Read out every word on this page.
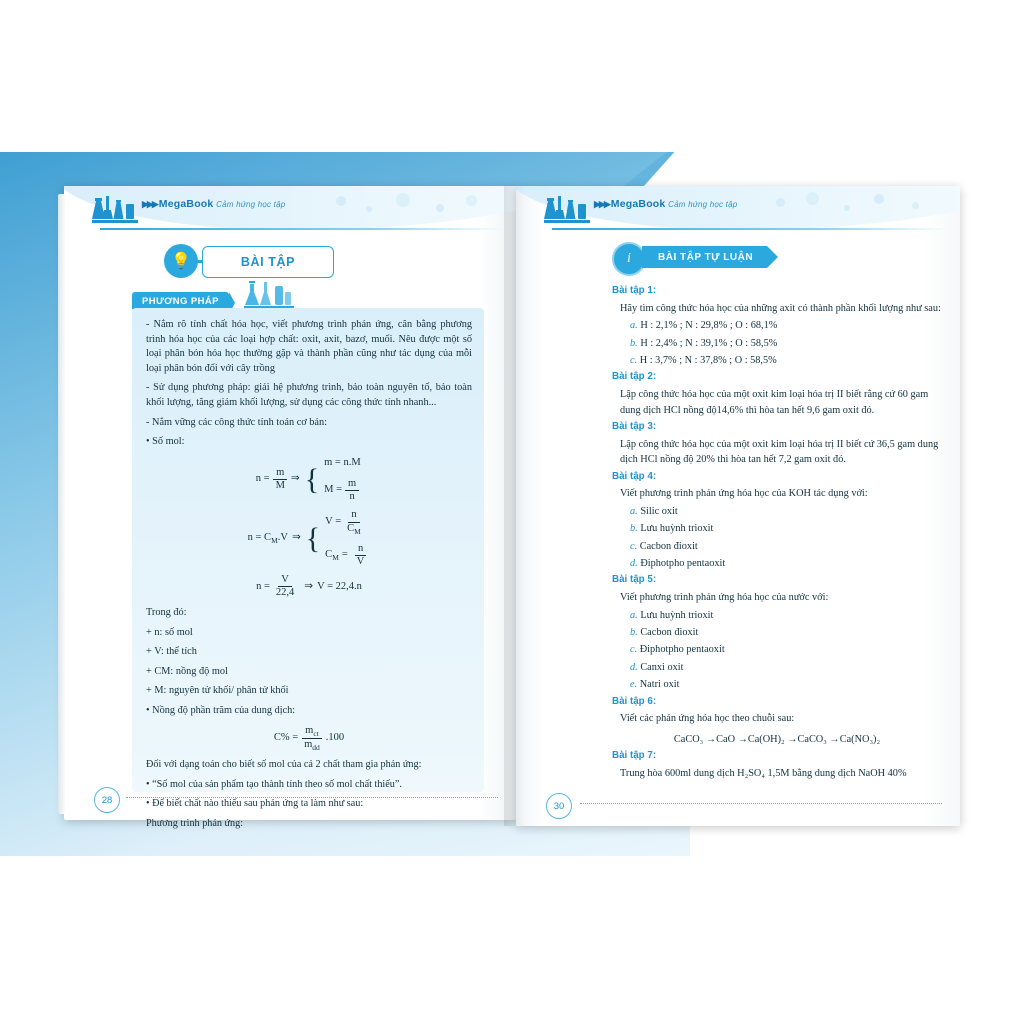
▶▶▶ MegaBook Cảm hứng học tập
💡	BÀI TẬP
PHƯƠNG PHÁP

- Nắm rõ tính chất hóa học, viết phương trình phản ứng, cân bằng phương trình hóa học của các loại hợp chất: oxit, axit, bazơ, muối. Nêu được một số loại phân bón hóa học thường gặp và thành phần cũng như tác dụng của mỗi loại phân bón đối với cây trồng

- Sử dụng phương pháp: giải hệ phương trình, bảo toàn nguyên tố, bảo toàn khối lượng, tăng giảm khối lượng, sử dụng các công thức tính nhanh...

- Nắm vững các công thức tính toán cơ bản:

• Số mol:

$n = \frac{m}{M}$ ⇒ {
m = n.M
$M = \frac{m}{n}$
$n = C_M.V$ ⇒ {
$V = \frac{n}{C_M}$
$C_M = \frac{n}{V}$
$n = \frac{V}{22,4}$ ⇒ V = 22,4.n

Trong đó:

+ n: số mol

+ V: thể tích

+ CM: nồng độ mol

+ M: nguyên tử khối/ phân tử khối

• Nồng độ phần trăm của dung dịch:

$C\% = \frac{m_{ct}}{m_{dd}} .100$

Đối với dạng toán cho biết số mol của cả 2 chất tham gia phản ứng:

• “Số mol của sản phẩm tạo thành tính theo số mol chất thiếu”.

• Để biết chất nào thiếu sau phản ứng ta làm như sau:

Phương trình phản ứng:

28
▶▶▶ MegaBook Cảm hứng học tập
i	BÀI TẬP TỰ LUẬN
Bài tập 1:
Hãy tìm công thức hóa học của những axit có thành phần khối lượng như sau:
a. H : 2,1% ; N : 29,8% ; O : 68,1%
b. H : 2,4% ; N : 39,1% ; O : 58,5%
c. H : 3,7% ; N : 37,8% ; O : 58,5%
Bài tập 2:
Lập công thức hóa học của một oxit kim loại hóa trị II biết rằng cứ 60 gam dung dịch HCl nồng độ14,6% thì hòa tan hết 9,6 gam oxit đó.
Bài tập 3:
Lập công thức hóa học của một oxit kim loại hóa trị II biết cứ 36,5 gam dung dịch HCl nồng độ 20% thì hòa tan hết 7,2 gam oxit đó.
Bài tập 4:
Viết phương trình phản ứng hóa học của KOH tác dụng với:
a. Silic oxit
b. Lưu huỳnh trioxit
c. Cacbon đioxit
d. Điphotpho pentaoxit
Bài tập 5:
Viết phương trình phản ứng hóa học của nước với:
a. Lưu huỳnh trioxit
b. Cacbon đioxit
c. Điphotpho pentaoxit
d. Canxi oxit
e. Natri oxit
Bài tập 6:
Viết các phản ứng hóa học theo chuỗi sau:
CaCO₃ →CaO →Ca(OH)₂ →CaCO₃ →Ca(NO₃)₂
Bài tập 7:
Trung hòa 600ml dung dịch H₂SO₄ 1,5M bằng dung dịch NaOH 40%
30
